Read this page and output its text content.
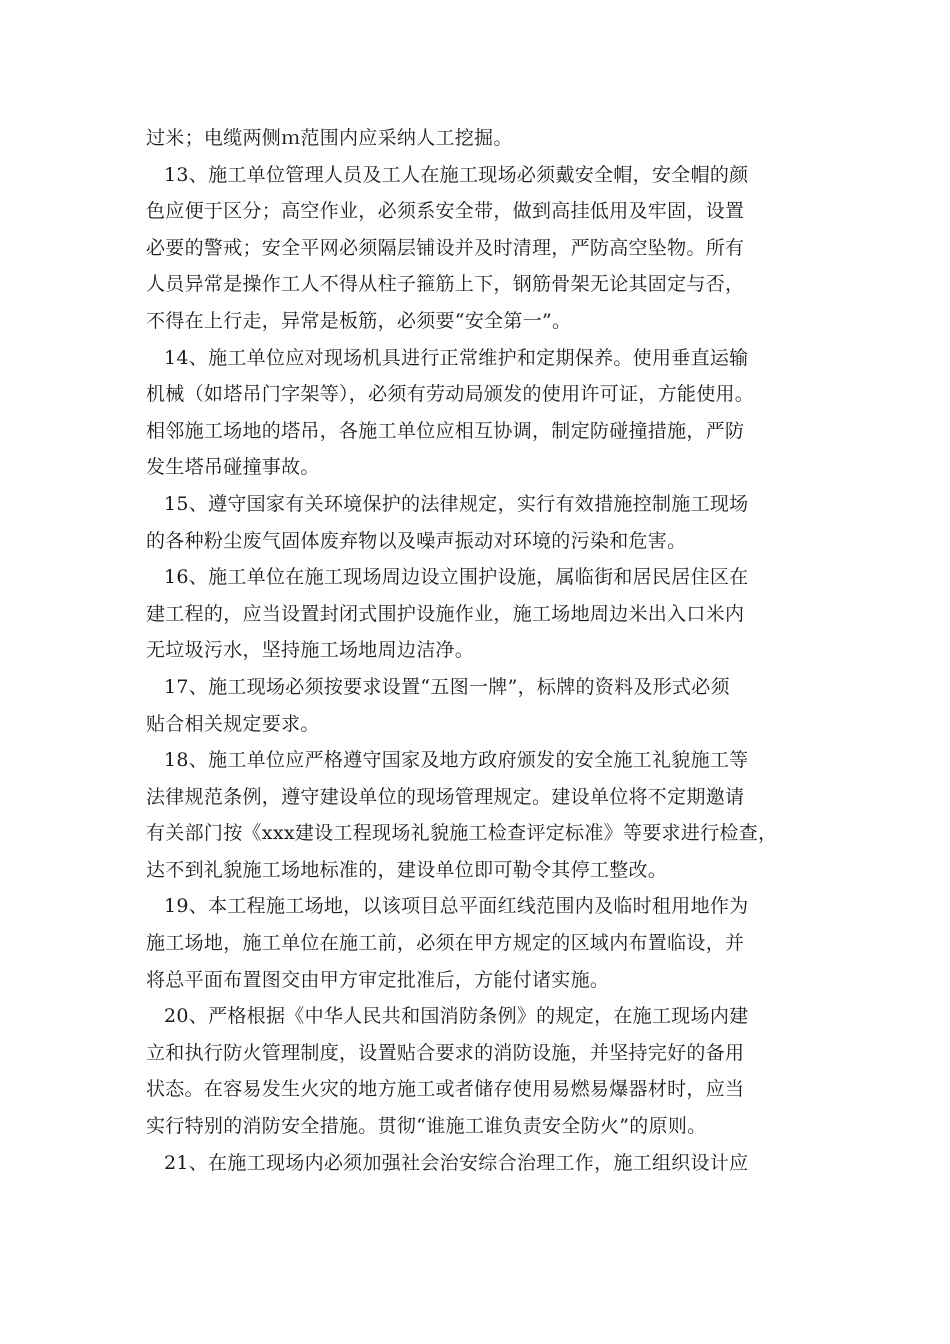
过米；电缆两侧ｍ范围内应采纳人工挖掘。
13、施工单位管理人员及工人在施工现场必须戴安全帽，安全帽的颜
色应便于区分；高空作业，必须系安全带，做到高挂低用及牢固，设置
必要的警戒；安全平网必须隔层铺设并及时清理，严防高空坠物。所有
人员异常是操作工人不得从柱子箍筋上下，钢筋骨架无论其固定与否，
不得在上行走，异常是板筋，必须要“安全第一”。
14、施工单位应对现场机具进行正常维护和定期保养。使用垂直运输
机械（如塔吊门字架等），必须有劳动局颁发的使用许可证，方能使用。
相邻施工场地的塔吊，各施工单位应相互协调，制定防碰撞措施，严防
发生塔吊碰撞事故。
15、遵守国家有关环境保护的法律规定，实行有效措施控制施工现场
的各种粉尘废气固体废弃物以及噪声振动对环境的污染和危害。
16、施工单位在施工现场周边设立围护设施，属临街和居民居住区在
建工程的，应当设置封闭式围护设施作业，施工场地周边米出入口米内
无垃圾污水，坚持施工场地周边洁净。
17、施工现场必须按要求设置“五图一牌”，标牌的资料及形式必须
贴合相关规定要求。
18、施工单位应严格遵守国家及地方政府颁发的安全施工礼貌施工等
法律规范条例，遵守建设单位的现场管理规定。建设单位将不定期邀请
有关部门按《xxx建设工程现场礼貌施工检查评定标准》等要求进行检查，
达不到礼貌施工场地标准的，建设单位即可勒令其停工整改。
19、本工程施工场地，以该项目总平面红线范围内及临时租用地作为
施工场地，施工单位在施工前，必须在甲方规定的区域内布置临设，并
将总平面布置图交由甲方审定批准后，方能付诸实施。
20、严格根据《中华人民共和国消防条例》的规定，在施工现场内建
立和执行防火管理制度，设置贴合要求的消防设施，并坚持完好的备用
状态。在容易发生火灾的地方施工或者储存使用易燃易爆器材时，应当
实行特别的消防安全措施。贯彻“谁施工谁负责安全防火”的原则。
21、在施工现场内必须加强社会治安综合治理工作，施工组织设计应
